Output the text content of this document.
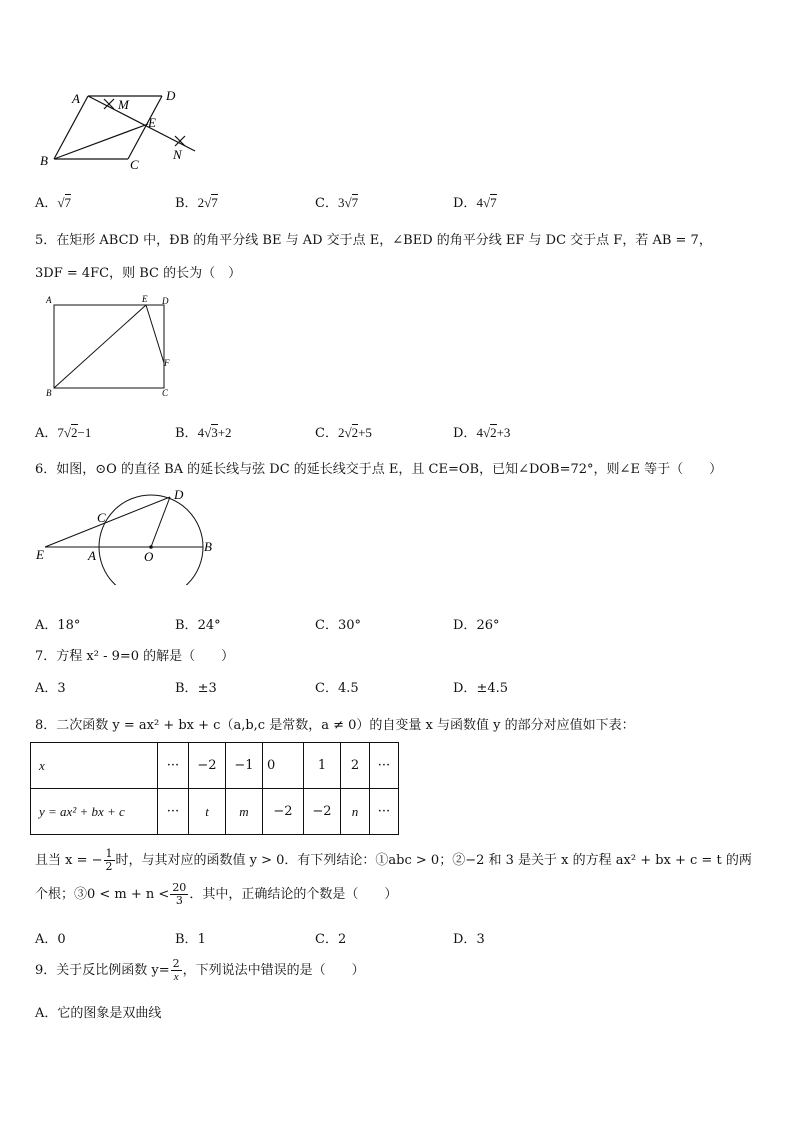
A	M
D
E
B	C
N
A．√7	B．2√7	C．3√7	D．4√7
5．在矩形 ABCD 中，ÐB 的角平分线 BE 与 AD 交于点 E，∠BED 的角平分线 EF 与 DC 交于点 F，若 AB = 7，
3DF = 4FC，则 BC 的长为（　）
A	E D
F
B	C
A．7√2−1	B．4√3+2	C．2√2+5	D．4√2+3
6．如图，⊙O 的直径 BA 的延长线与弦 DC 的延长线交于点 E，且 CE=OB，已知∠DOB=72°，则∠E 等于（　　）
D
C
E	A	O
B
A．18°	B．24°	C．30°	D．26°
7．方程 x² - 9=0 的解是（　　）
A．3	B．±3	C．4.5	D．±4.5
8．二次函数 y = ax² + bx + c（a,b,c 是常数，a ≠ 0）的自变量 x 与函数值 y 的部分对应值如下表：
x	···	−2	−1	0	1	2	···
y = ax² + bx + c	···	t	m	−2	−2	n	···
且当 x = − $\frac{1}{2}$ 时，与其对应的函数值 y > 0．有下列结论：①abc > 0；②−2 和 3 是关于 x 的方程 ax² + bx + c = t 的两
个根；③0 < $m + n < \frac{20}{3}$ ．其中，正确结论的个数是（　　）
A．0	B．1	C．2	D．3
9．关于反比例函数 $y= \frac{2}{x}$ ，下列说法中错误的是（　　）
A．它的图象是双曲线
